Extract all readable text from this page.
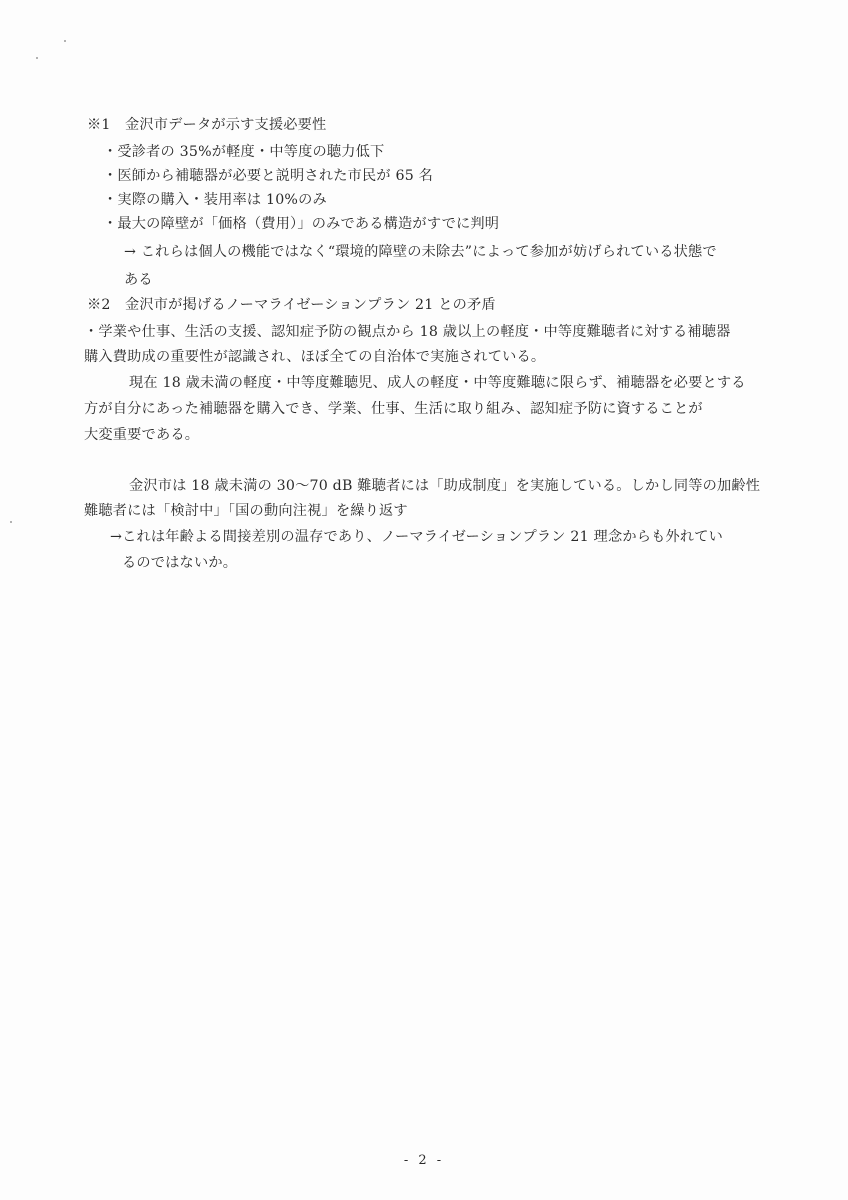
※1　金沢市データが示す支援必要性
・受診者の 35%が軽度・中等度の聴力低下
・医師から補聴器が必要と説明された市民が 65 名
・実際の購入・装用率は 10%のみ
・最大の障壁が「価格（費用）」のみである構造がすでに判明
→ これらは個人の機能ではなく“環境的障壁の未除去”によって参加が妨げられている状態で
ある
※2　金沢市が掲げるノーマライゼーションプラン 21 との矛盾
・学業や仕事、生活の支援、認知症予防の観点から 18 歳以上の軽度・中等度難聴者に対する補聴器
購入費助成の重要性が認識され、ほぼ全ての自治体で実施されている。
現在 18 歳未満の軽度・中等度難聴児、成人の軽度・中等度難聴に限らず、補聴器を必要とする
方が自分にあった補聴器を購入でき、学業、仕事、生活に取り組み、認知症予防に資することが
大変重要である。
金沢市は 18 歳未満の 30～70 dB 難聴者には「助成制度」を実施している。しかし同等の加齢性
難聴者には「検討中」「国の動向注視」を繰り返す
→これは年齢よる間接差別の温存であり、ノーマライゼーションプラン 21 理念からも外れてい
るのではないか。
- 2 -
